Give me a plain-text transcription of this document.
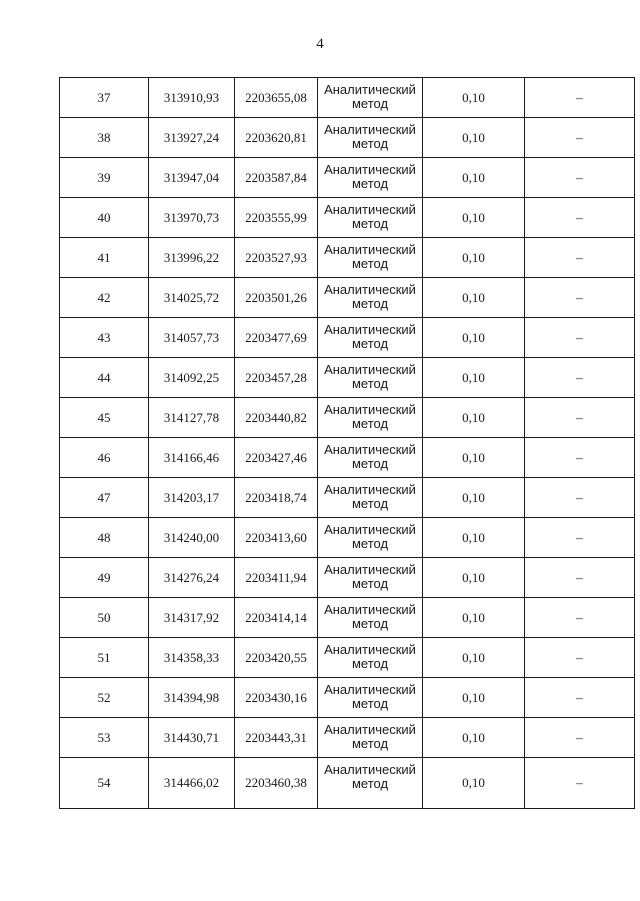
4
37	313910,93	2203655,08	Аналитический
метод	0,10	–
38	313927,24	2203620,81	Аналитический
метод	0,10	–
39	313947,04	2203587,84	Аналитический
метод	0,10	–
40	313970,73	2203555,99	Аналитический
метод	0,10	–
41	313996,22	2203527,93	Аналитический
метод	0,10	–
42	314025,72	2203501,26	Аналитический
метод	0,10	–
43	314057,73	2203477,69	Аналитический
метод	0,10	–
44	314092,25	2203457,28	Аналитический
метод	0,10	–
45	314127,78	2203440,82	Аналитический
метод	0,10	–
46	314166,46	2203427,46	Аналитический
метод	0,10	–
47	314203,17	2203418,74	Аналитический
метод	0,10	–
48	314240,00	2203413,60	Аналитический
метод	0,10	–
49	314276,24	2203411,94	Аналитический
метод	0,10	–
50	314317,92	2203414,14	Аналитический
метод	0,10	–
51	314358,33	2203420,55	Аналитический
метод	0,10	–
52	314394,98	2203430,16	Аналитический
метод	0,10	–
53	314430,71	2203443,31	Аналитический
метод	0,10	–
54	314466,02	2203460,38	Аналитический
метод	0,10	–
